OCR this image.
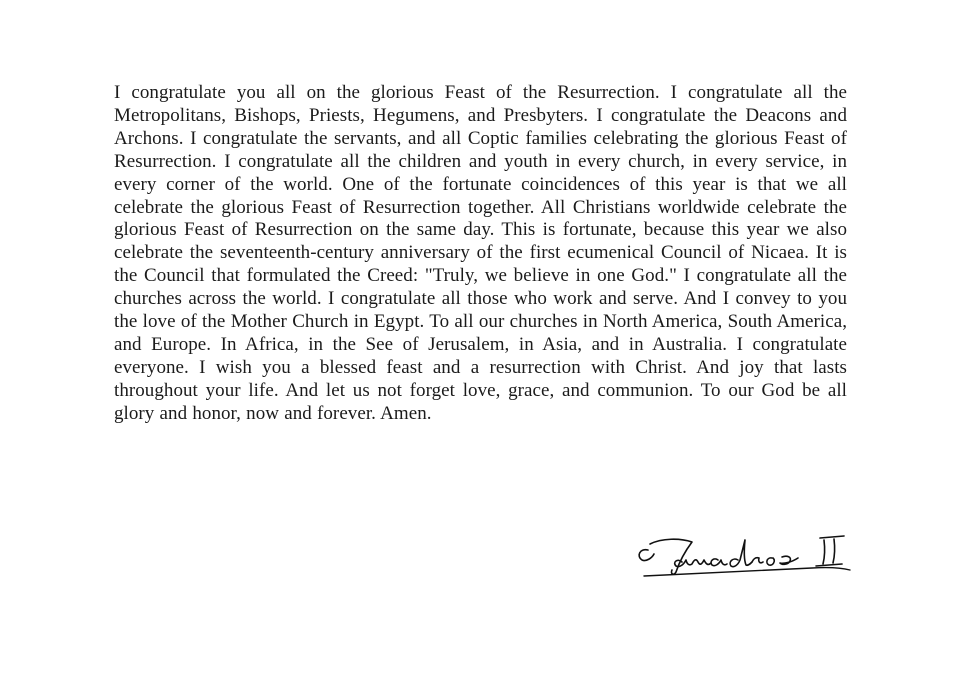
I congratulate you all on the glorious Feast of the Resurrection. I congratulate all the Metropolitans, Bishops, Priests, Hegumens, and Presbyters. I congratulate the Deacons and Archons. I congratulate the servants, and all Coptic families celebrating the glorious Feast of Resurrection. I congratulate all the children and youth in every church, in every service, in every corner of the world. One of the fortunate coincidences of this year is that we all celebrate the glorious Feast of Resurrection together. All Christians worldwide celebrate the glorious Feast of Resurrection on the same day. This is fortunate, because this year we also celebrate the seventeenth-century anniversary of the first ecumenical Council of Nicaea. It is the Council that formulated the Creed: "Truly, we believe in one God." I congratulate all the churches across the world. I congratulate all those who work and serve. And I convey to you the love of the Mother Church in Egypt. To all our churches in North America, South America, and Europe. In Africa, in the See of Jerusalem, in Asia, and in Australia. I congratulate everyone. I wish you a blessed feast and a resurrection with Christ. And joy that lasts throughout your life. And let us not forget love, grace, and communion. To our God be all glory and honor, now and forever. Amen.
